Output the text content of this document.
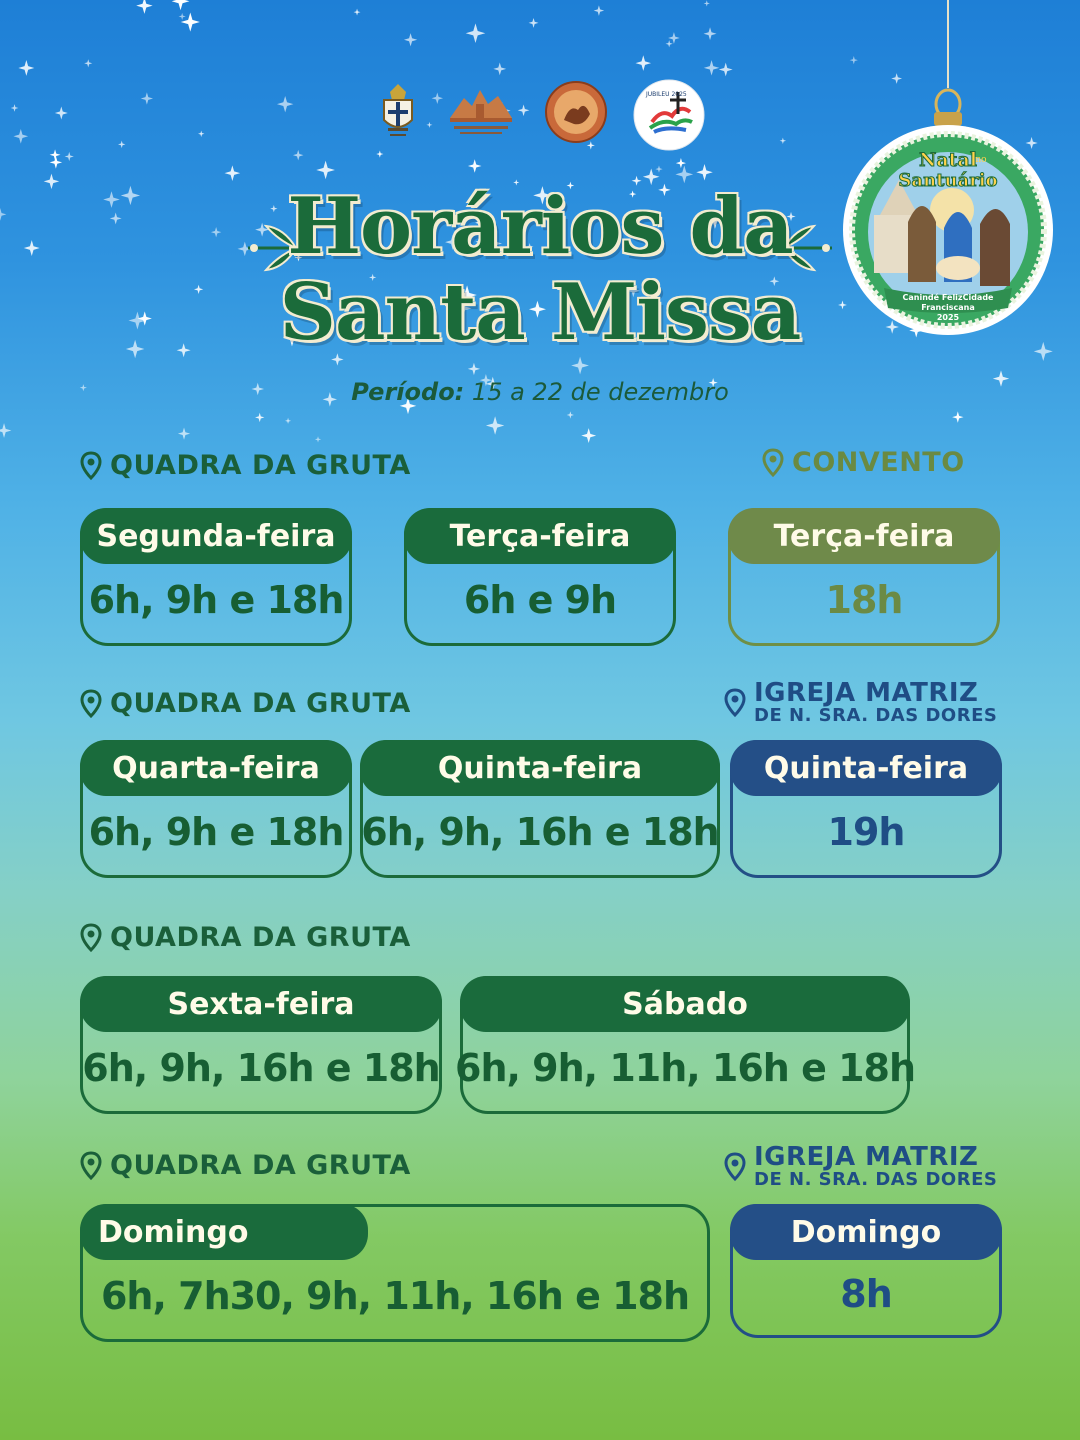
JUBILEU 2025
Horários da
Santa Missa
Período: 15 a 22 de dezembro
Natal
no
Santuário
Canindé FelizCidade
Franciscana
2025
QUADRA DA GRUTA	CONVENTO
Segunda-feira
6h, 9h e 18h
Terça-feira
6h e 9h
Terça-feira
18h
QUADRA DA GRUTA	IGREJA MATRIZ
DE N. SRA. DAS DORES
Quarta-feira
6h, 9h e 18h
Quinta-feira
6h, 9h, 16h e 18h
Quinta-feira
19h
QUADRA DA GRUTA
Sexta-feira
6h, 9h, 16h e 18h
Sábado
6h, 9h, 11h, 16h e 18h
QUADRA DA GRUTA	IGREJA MATRIZ
DE N. SRA. DAS DORES
Domingo
6h, 7h30, 9h, 11h, 16h e 18h
Domingo
8h
